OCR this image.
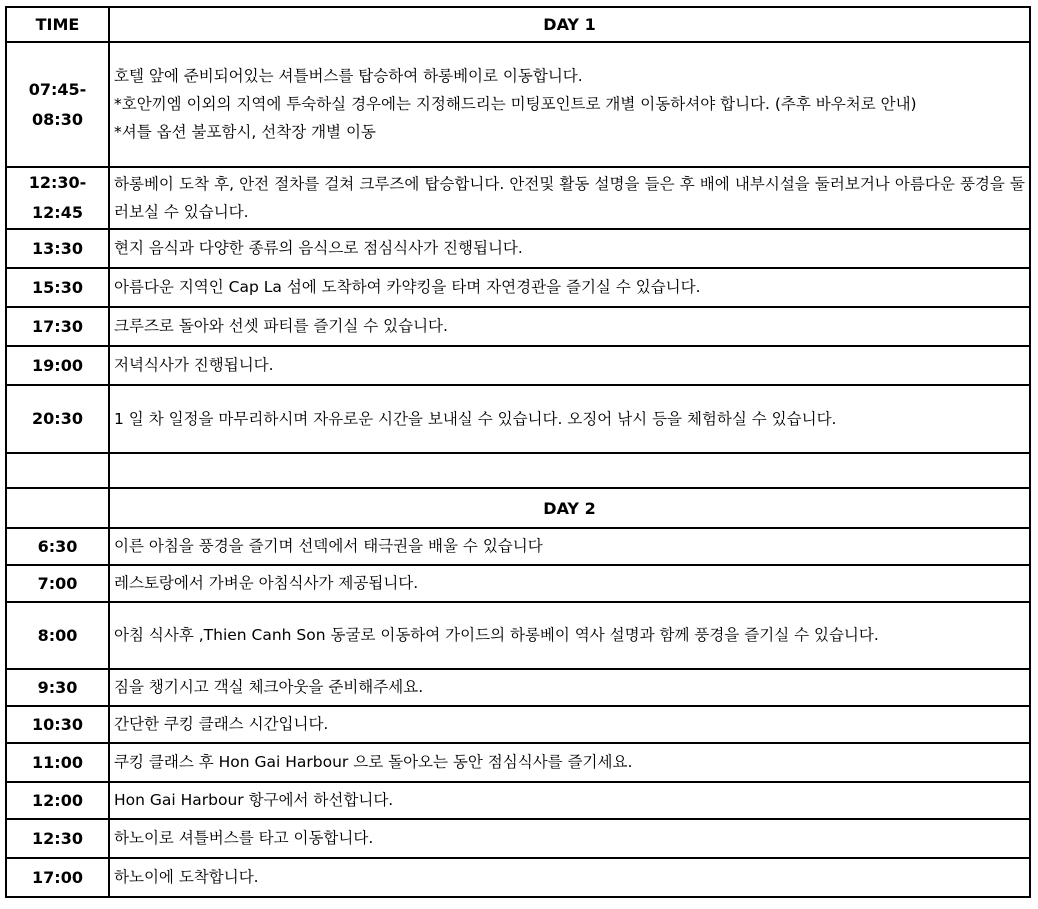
TIME	DAY 1

07:45-
08:30	호텔 앞에 준비되어있는 셔틀버스를 탑승하여 하롱베이로 이동합니다.
*호안끼엠 이외의 지역에 투숙하실 경우에는 지정해드리는 미팅포인트로 개별 이동하셔야 합니다. (추후 바우처로 안내)
*셔틀 옵션 불포함시, 선착장 개별 이동

12:30-
12:45	하롱베이 도착 후, 안전 절차를 걸쳐 크루즈에 탑승합니다. 안전및 활동 설명을 들은 후 배에 내부시설을 둘러보거나 아름다운 풍경을 둘러보실 수 있습니다.

13:30	현지 음식과 다양한 종류의 음식으로 점심식사가 진행됩니다.

15:30	아름다운 지역인 Cap La 섬에 도착하여 카약킹을 타며 자연경관을 즐기실 수 있습니다.

17:30	크루즈로 돌아와 선셋 파티를 즐기실 수 있습니다.

19:00	저녁식사가 진행됩니다.

20:30	1 일 차 일정을 마무리하시며 자유로운 시간을 보내실 수 있습니다. 오징어 낚시 등을 체험하실 수 있습니다.

	DAY 2

6:30	이른 아침을 풍경을 즐기며 선덱에서 태극권을 배울 수 있습니다

7:00	레스토랑에서 가벼운 아침식사가 제공됩니다.

8:00	아침 식사후 ,Thien Canh Son 동굴로 이동하여 가이드의 하롱베이 역사 설명과 함께 풍경을 즐기실 수 있습니다.

9:30	짐을 챙기시고 객실 체크아웃을 준비해주세요.

10:30	간단한 쿠킹 클래스 시간입니다.

11:00	쿠킹 클래스 후 Hon Gai Harbour 으로 돌아오는 동안 점심식사를 즐기세요.

12:00	Hon Gai Harbour 항구에서 하선합니다.

12:30	하노이로 셔틀버스를 타고 이동합니다.

17:00	하노이에 도착합니다.
